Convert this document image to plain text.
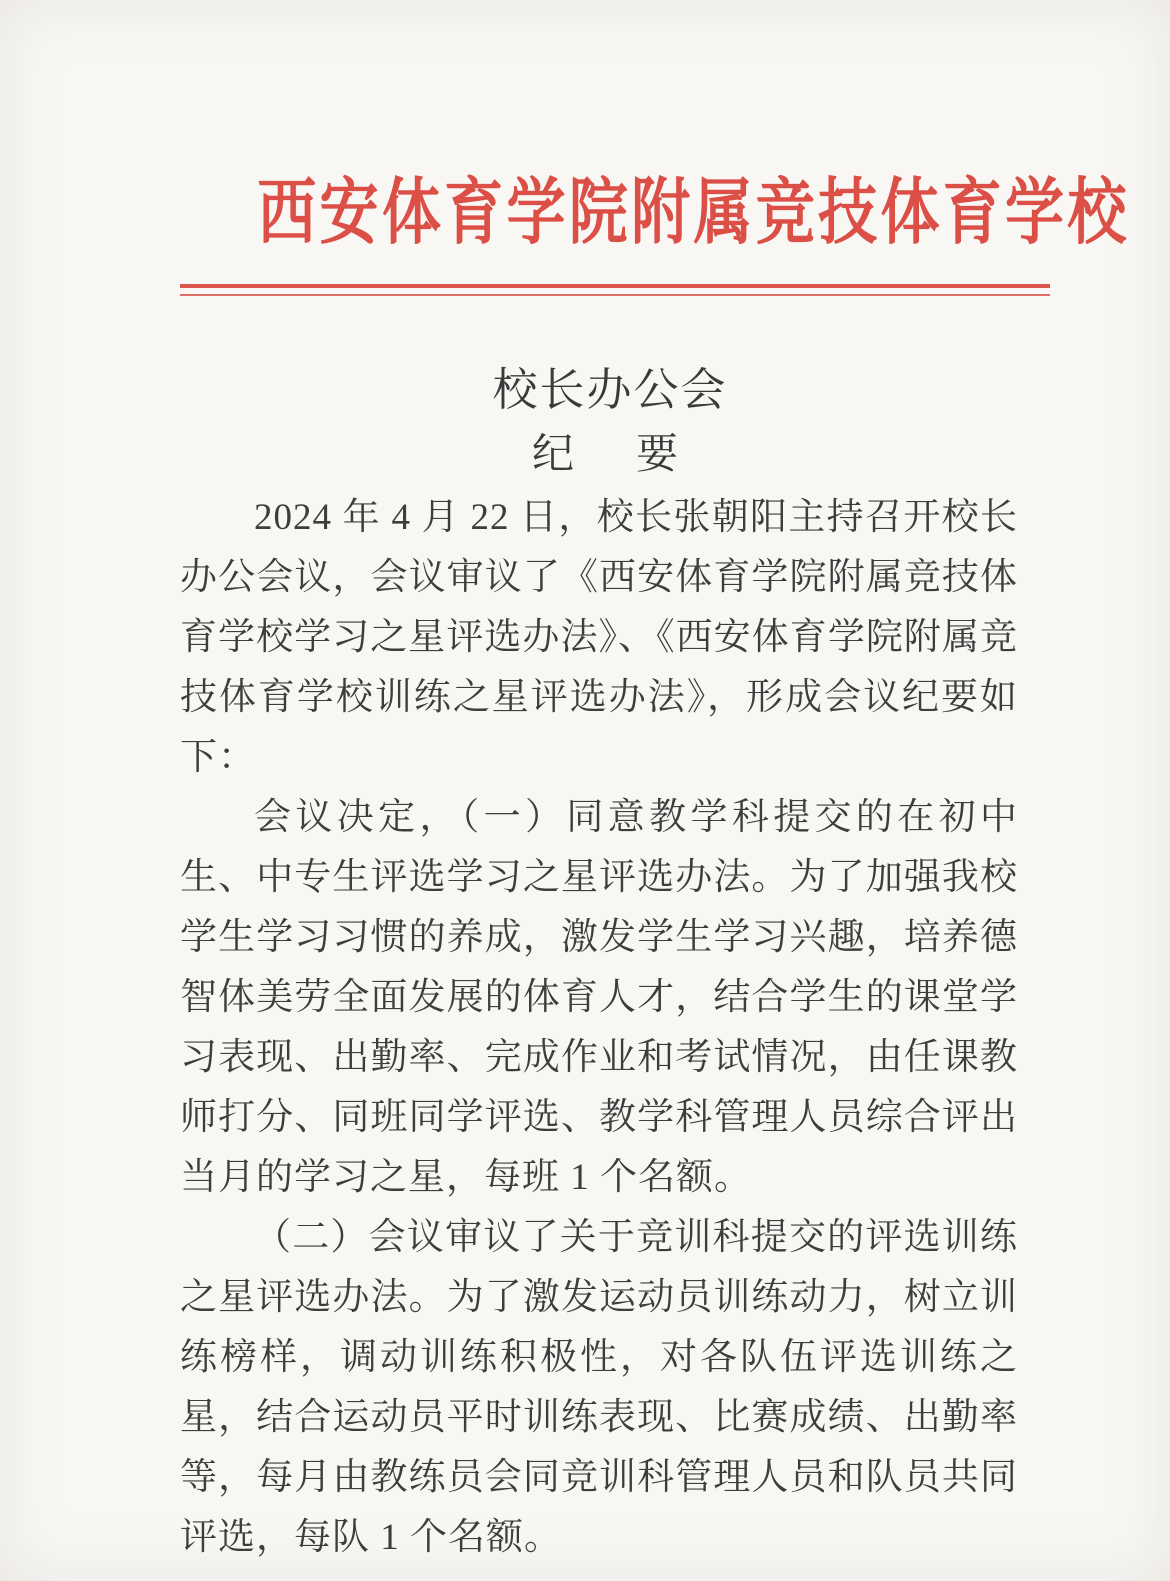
西安体育学院附属竞技体育学校
校长办公会
纪　要

2024 年 4 月 22 日，校长张朝阳主持召开校长办公会议，会议审议了《西安体育学院附属竞技体育学校学习之星评选办法》、《西安体育学院附属竞技体育学校训练之星评选办法》，形成会议纪要如下：

会议决定，（一）同意教学科提交的在初中生、中专生评选学习之星评选办法。为了加强我校学生学习习惯的养成，激发学生学习兴趣，培养德智体美劳全面发展的体育人才，结合学生的课堂学习表现、出勤率、完成作业和考试情况，由任课教师打分、同班同学评选、教学科管理人员综合评出当月的学习之星，每班 1 个名额。

（二）会议审议了关于竞训科提交的评选训练之星评选办法。为了激发运动员训练动力，树立训练榜样，调动训练积极性，对各队伍评选训练之星，结合运动员平时训练表现、比赛成绩、出勤率等，每月由教练员会同竞训科管理人员和队员共同评选，每队 1 个名额。
